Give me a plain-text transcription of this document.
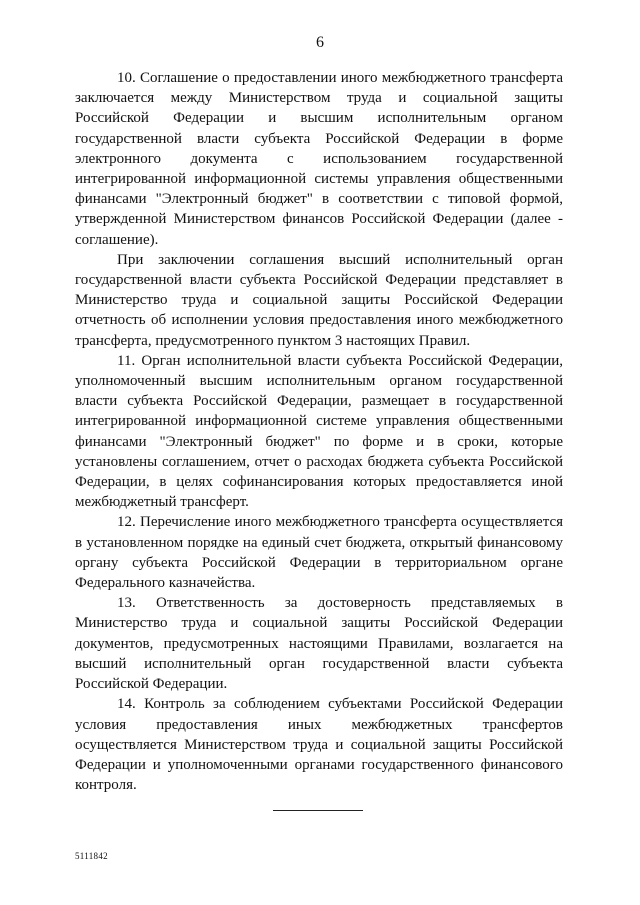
6

10. Соглашение о предоставлении иного межбюджетного трансферта заключается между Министерством труда и социальной защиты Российской Федерации и высшим исполнительным органом государственной власти субъекта Российской Федерации в форме электронного документа с использованием государственной интегрированной информационной системы управления общественными финансами "Электронный бюджет" в соответствии с типовой формой, утвержденной Министерством финансов Российской Федерации (далее - соглашение).

При заключении соглашения высший исполнительный орган государственной власти субъекта Российской Федерации представляет в Министерство труда и социальной защиты Российской Федерации отчетность об исполнении условия предоставления иного межбюджетного трансферта, предусмотренного пунктом 3 настоящих Правил.

11. Орган исполнительной власти субъекта Российской Федерации, уполномоченный высшим исполнительным органом государственной власти субъекта Российской Федерации, размещает в государственной интегрированной информационной системе управления общественными финансами "Электронный бюджет" по форме и в сроки, которые установлены соглашением, отчет о расходах бюджета субъекта Российской Федерации, в целях софинансирования которых предоставляется иной межбюджетный трансферт.

12. Перечисление иного межбюджетного трансферта осуществляется в установленном порядке на единый счет бюджета, открытый финансовому органу субъекта Российской Федерации в территориальном органе Федерального казначейства.

13. Ответственность за достоверность представляемых в Министерство труда и социальной защиты Российской Федерации документов, предусмотренных настоящими Правилами, возлагается на высший исполнительный орган государственной власти субъекта Российской Федерации.

14. Контроль за соблюдением субъектами Российской Федерации условия предоставления иных межбюджетных трансфертов осуществляется Министерством труда и социальной защиты Российской Федерации и уполномоченными органами государственного финансового контроля.

5111842
